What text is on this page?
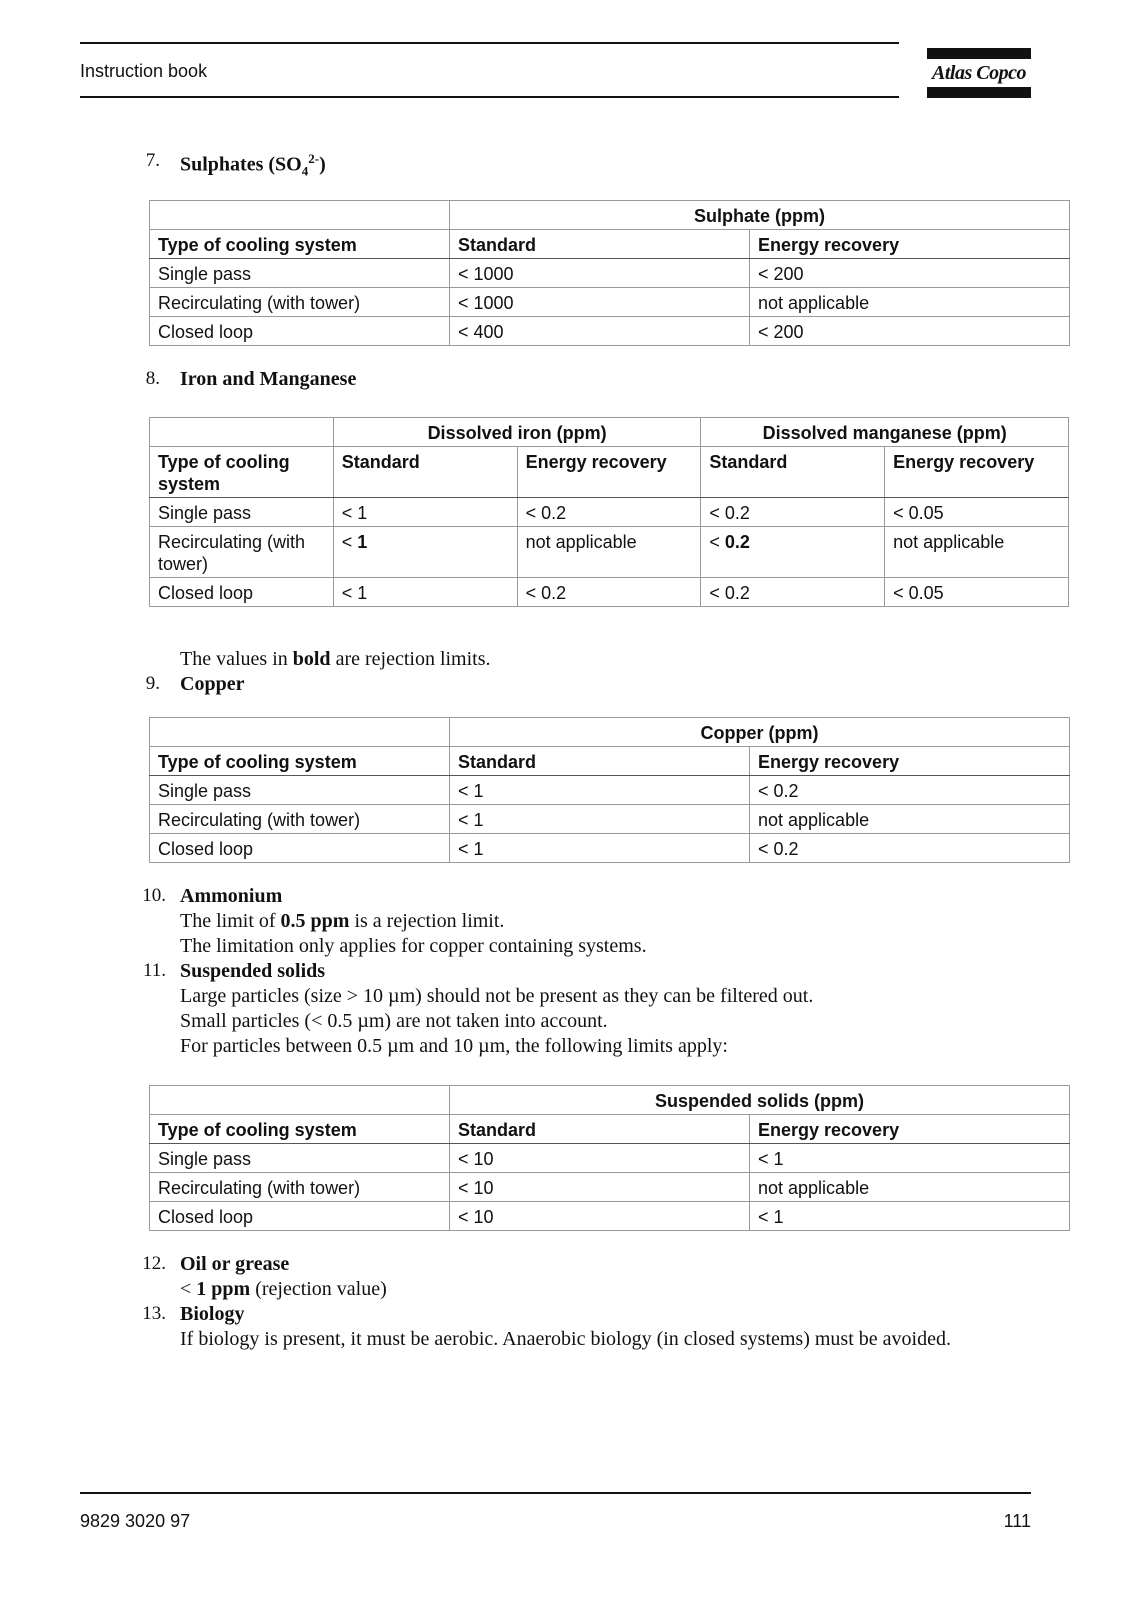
Instruction book	Atlas Copco
7. Sulphates $(SO_4^{2-})$
	Sulphate (ppm)	
Type of cooling system	Standard	Energy recovery
Single pass	< 1000	< 200
Recirculating (with tower)	< 1000	not applicable
Closed loop	< 400	< 200
8. Iron and Manganese
	Dissolved iron (ppm)		Dissolved manganese (ppm)	
Type of cooling system	Standard	Energy recovery	Standard	Energy recovery
Single pass	< 1	< 0.2	< 0.2	< 0.05
Recirculating (with tower)	< 1	not applicable	< 0.2	not applicable
Closed loop	< 1	< 0.2	< 0.2	< 0.05
The values in bold are rejection limits.
9. Copper
	Copper (ppm)	
Type of cooling system	Standard	Energy recovery
Single pass	< 1	< 0.2
Recirculating (with tower)	< 1	not applicable
Closed loop	< 1	< 0.2
10. Ammonium
The limit of 0.5 ppm is a rejection limit.
The limitation only applies for copper containing systems.
11. Suspended solids
Large particles (size > 10 µm) should not be present as they can be filtered out.
Small particles (< 0.5 µm) are not taken into account.
For particles between 0.5 µm and 10 µm, the following limits apply:
	Suspended solids (ppm)	
Type of cooling system	Standard	Energy recovery
Single pass	< 10	< 1
Recirculating (with tower)	< 10	not applicable
Closed loop	< 10	< 1
12. Oil or grease
< 1 ppm (rejection value)
13. Biology
If biology is present, it must be aerobic. Anaerobic biology (in closed systems) must be avoided.
9829 3020 97	111
